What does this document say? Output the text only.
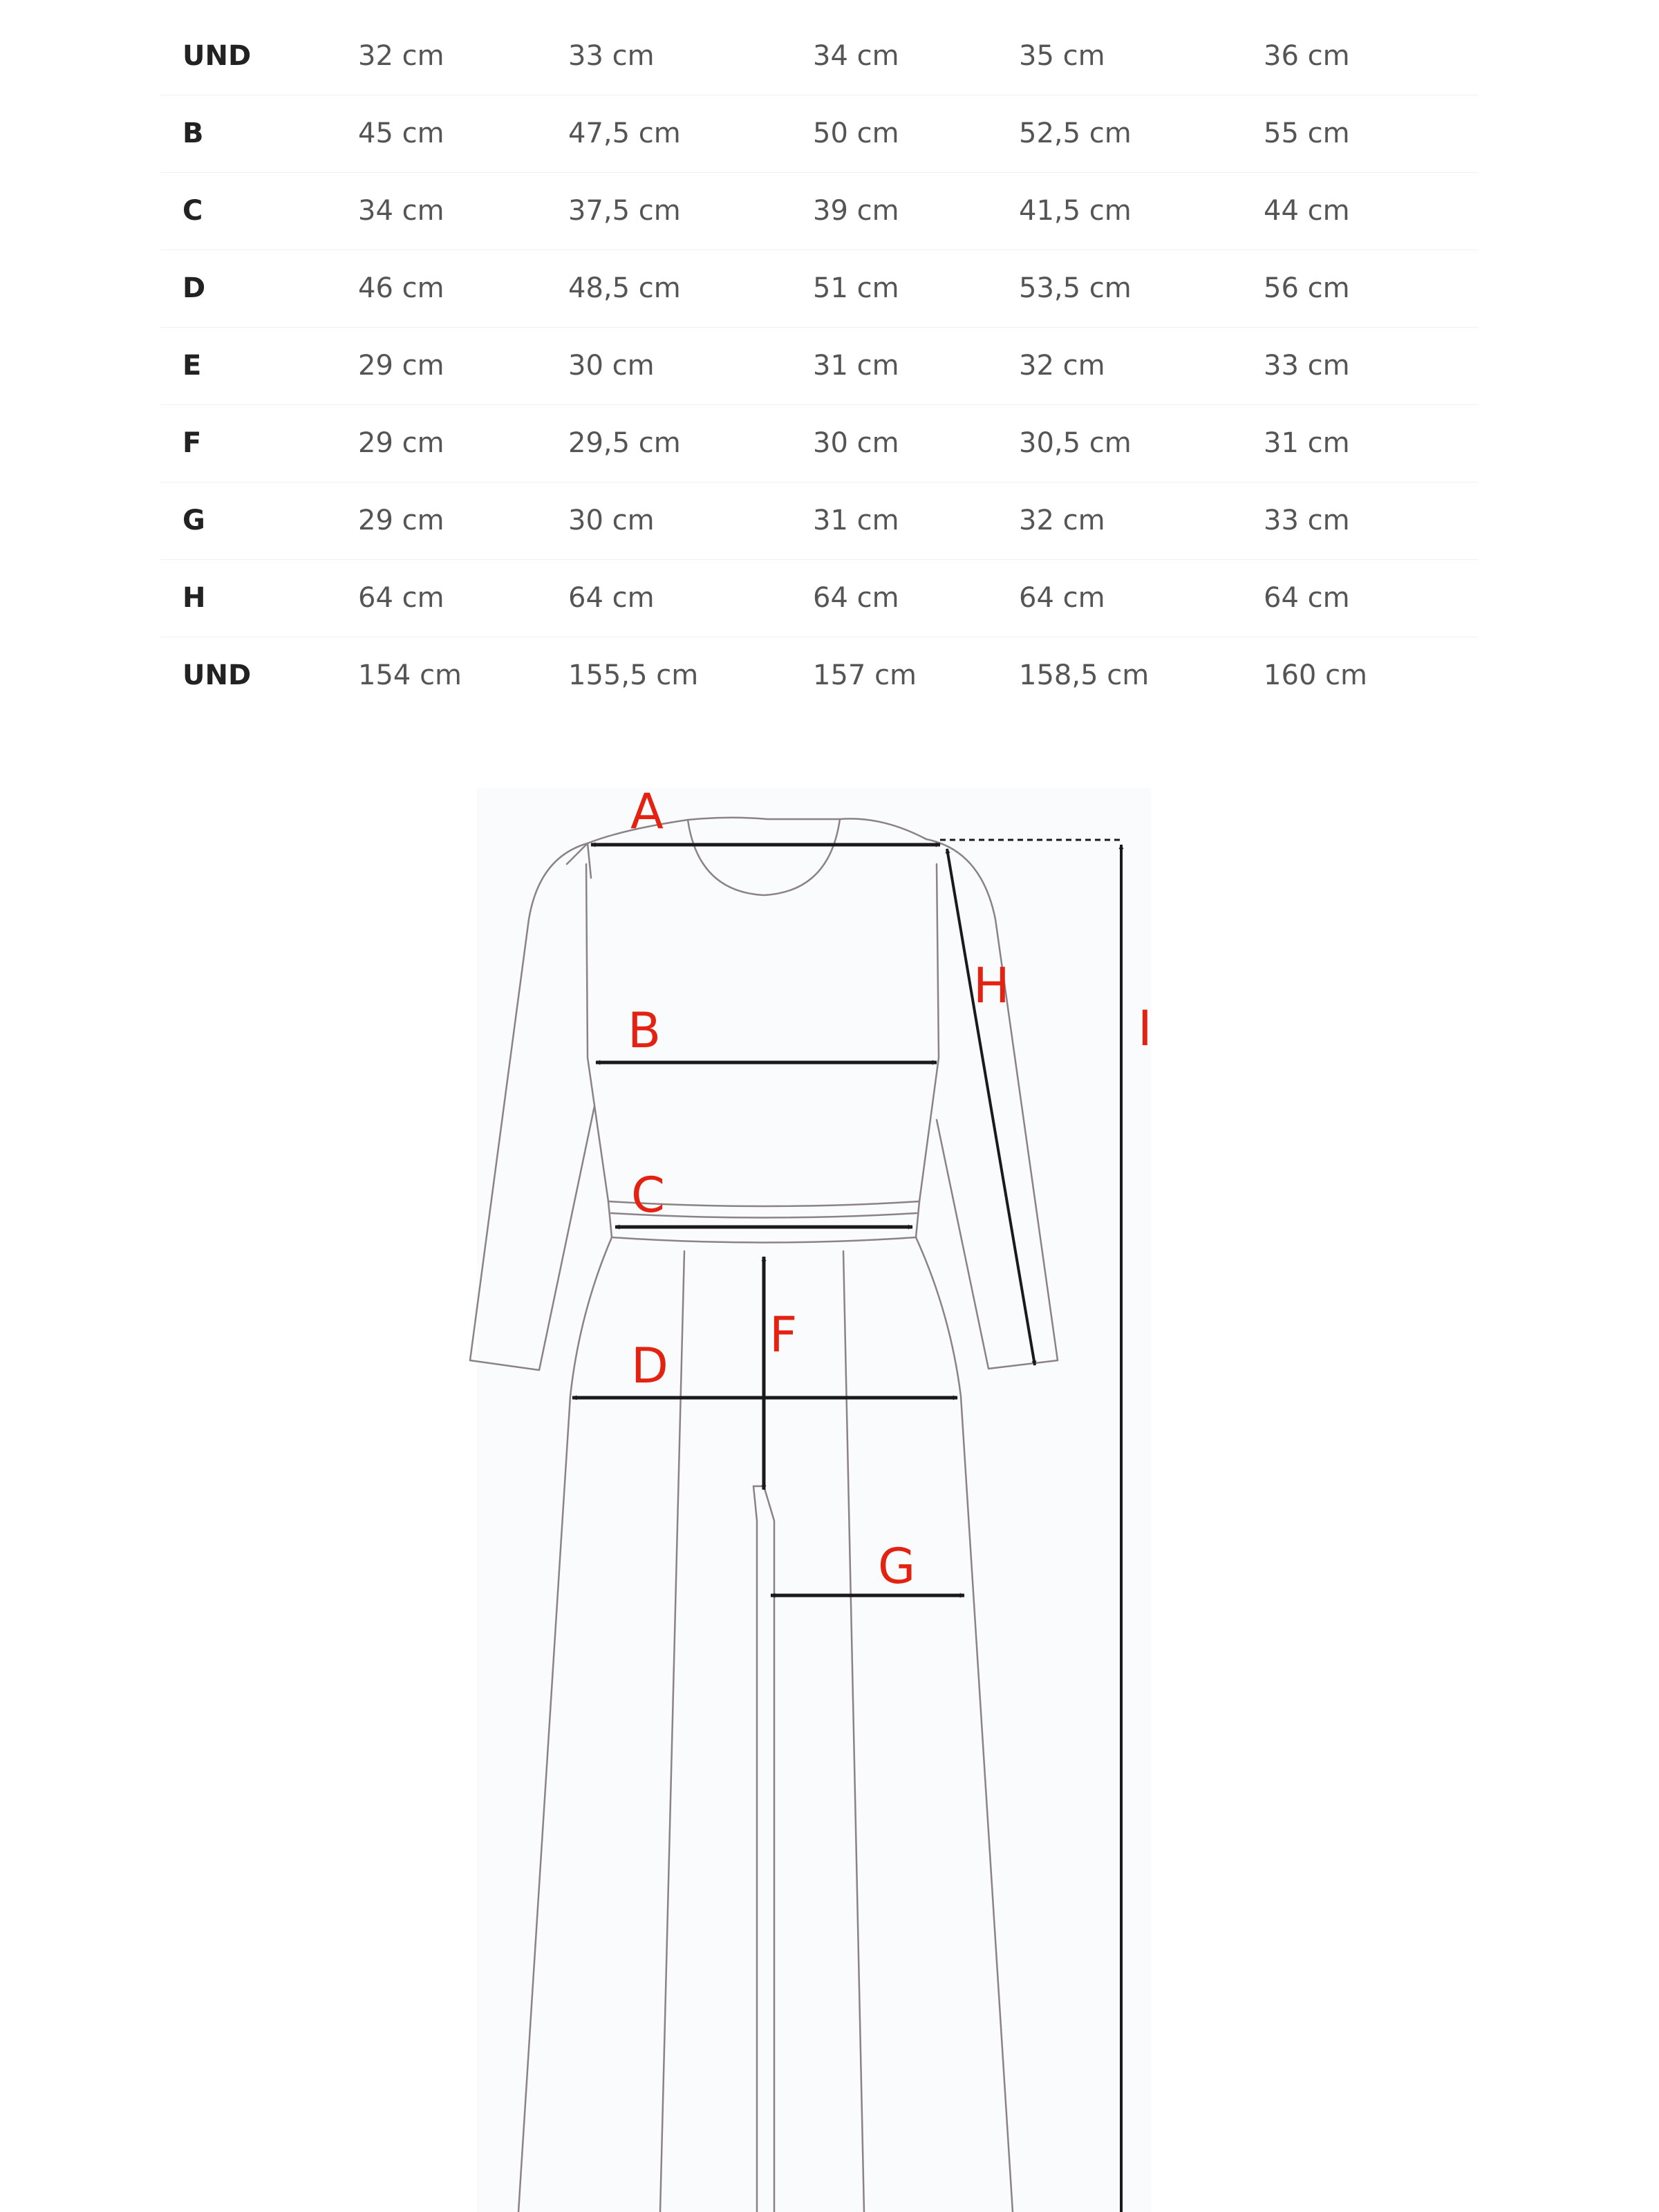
UND	32 cm	33 cm	34 cm	35 cm	36 cm
B	45 cm	47,5 cm	50 cm	52,5 cm	55 cm
C	34 cm	37,5 cm	39 cm	41,5 cm	44 cm
D	46 cm	48,5 cm	51 cm	53,5 cm	56 cm
E	29 cm	30 cm	31 cm	32 cm	33 cm
F	29 cm	29,5 cm	30 cm	30,5 cm	31 cm
G	29 cm	30 cm	31 cm	32 cm	33 cm
H	64 cm	64 cm	64 cm	64 cm	64 cm
UND	154 cm	155,5 cm	157 cm	158,5 cm	160 cm
A
B
C
D
F
G
H
I
